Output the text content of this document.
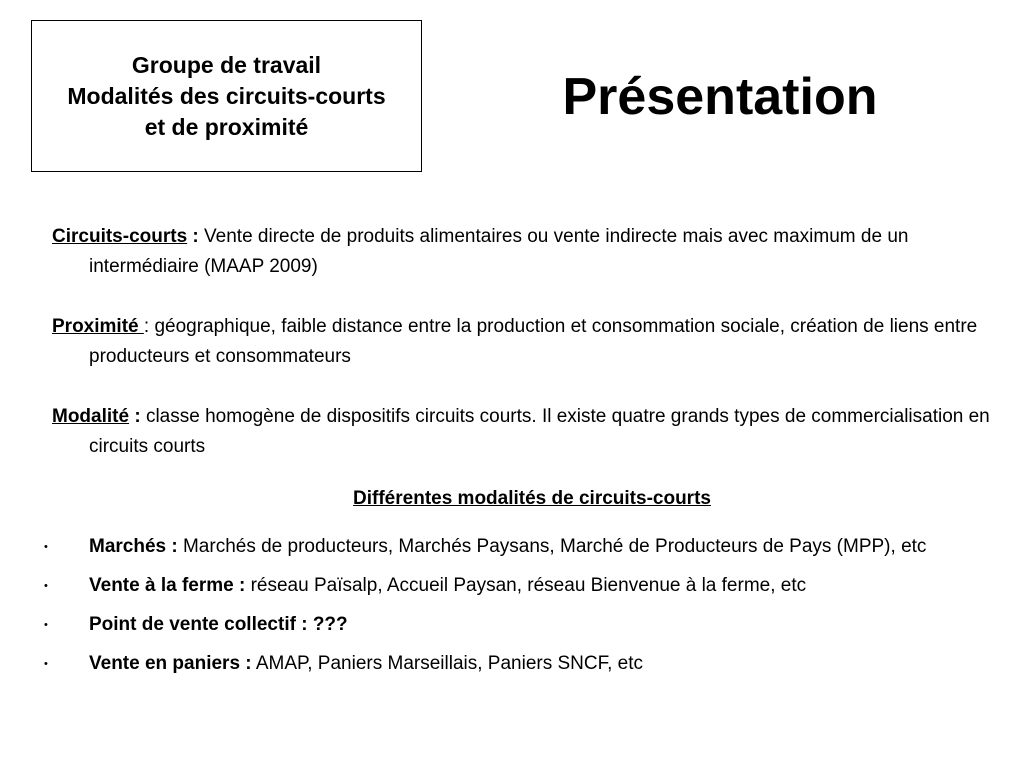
Groupe de travail
Modalités des circuits-courts
et de proximité
Présentation

Circuits-courts : Vente directe de produits alimentaires ou vente indirecte mais avec maximum de un intermédiaire (MAAP 2009)

Proximité : géographique, faible distance entre la production et consommation sociale, création de liens entre producteurs et consommateurs

Modalité : classe homogène de dispositifs circuits courts. Il existe quatre grands types de commercialisation en circuits courts

Différentes modalités de circuits-courts
• Marchés : Marchés de producteurs, Marchés Paysans, Marché de Producteurs de Pays (MPP), etc
• Vente à la ferme : réseau Païsalp, Accueil Paysan, réseau Bienvenue à la ferme, etc
• Point de vente collectif : ???
• Vente en paniers : AMAP, Paniers Marseillais, Paniers SNCF, etc
